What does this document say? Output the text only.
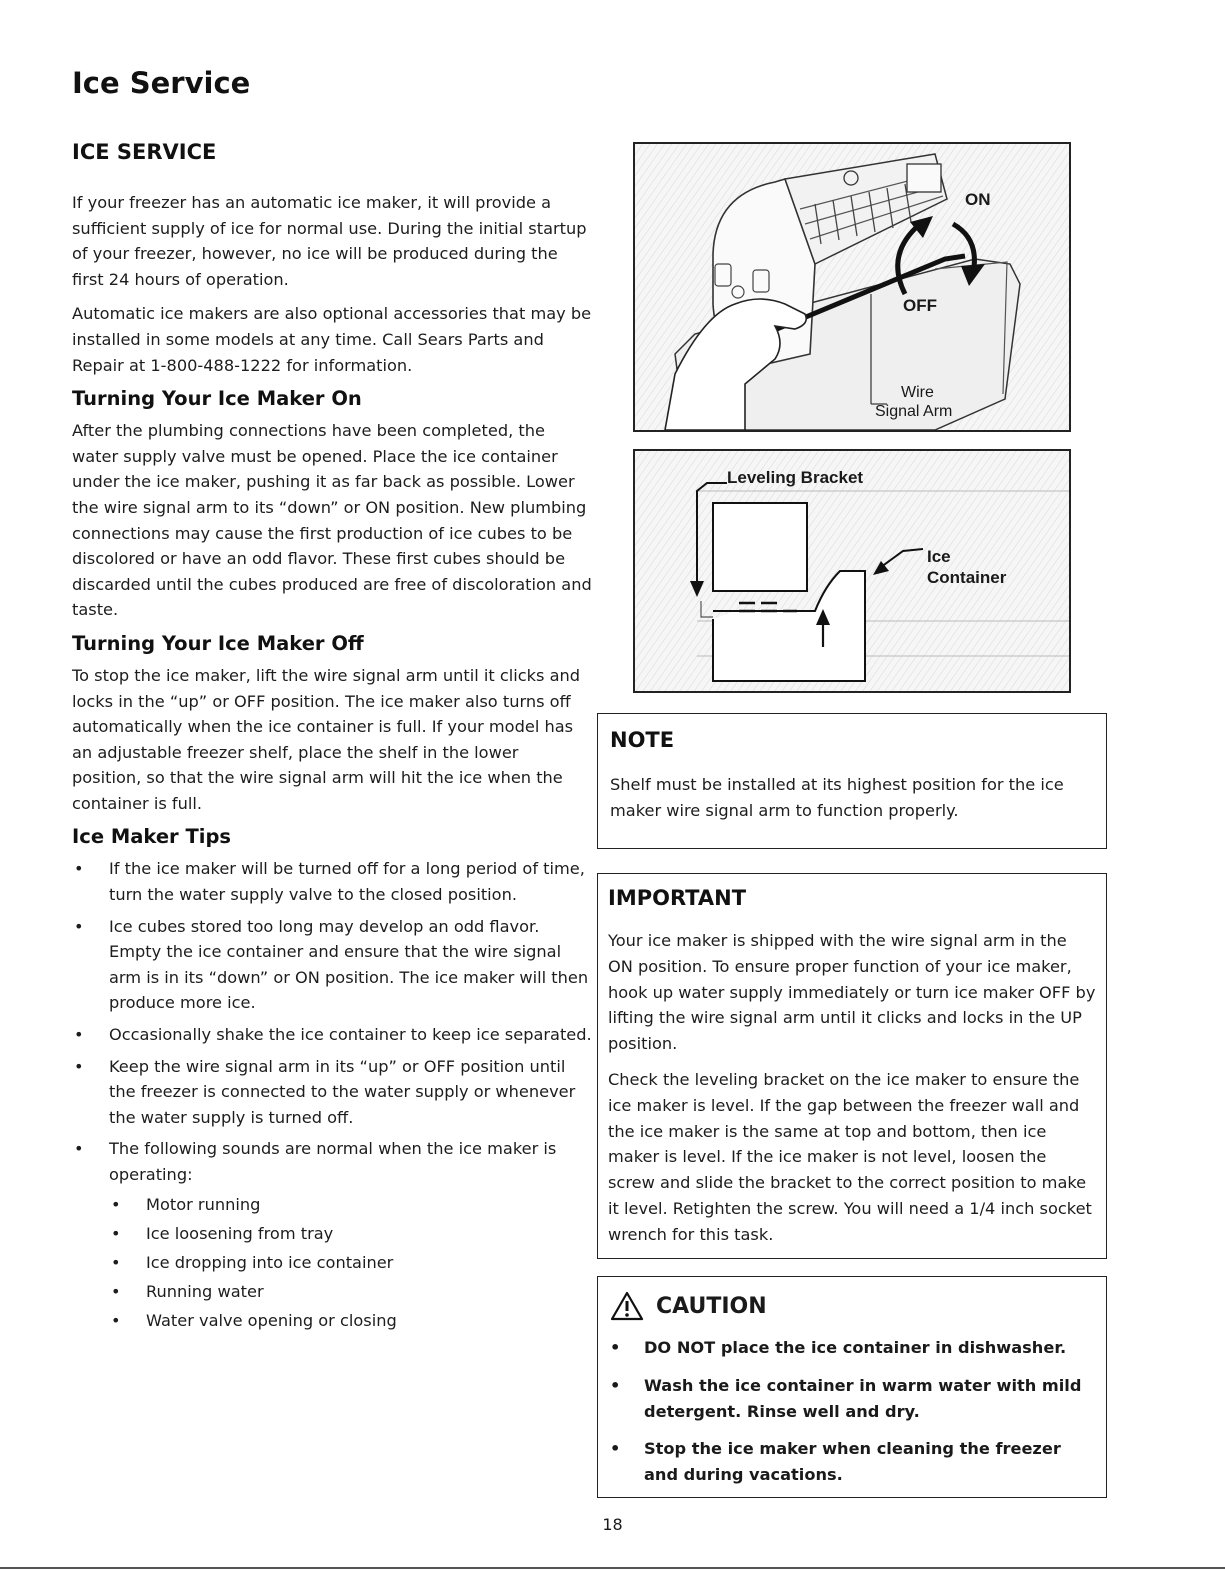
Ice Service
ICE SERVICE

If your freezer has an automatic ice maker, it will provide a sufficient supply of ice for normal use. During the initial startup of your freezer, however, no ice will be produced during the first 24 hours of operation.

Automatic ice makers are also optional accessories that may be installed in some models at any time. Call Sears Parts and Repair at 1-800-488-1222 for information.

Turning Your Ice Maker On

After the plumbing connections have been completed, the water supply valve must be opened. Place the ice container under the ice maker, pushing it as far back as possible. Lower the wire signal arm to its “down” or ON position. New plumbing connections may cause the first production of ice cubes to be discolored or have an odd flavor. These first cubes should be discarded until the cubes produced are free of discoloration and taste.

Turning Your Ice Maker Off

To stop the ice maker, lift the wire signal arm until it clicks and locks in the “up” or OFF position. The ice maker also turns off automatically when the ice container is full. If your model has an adjustable freezer shelf, place the shelf in the lower position, so that the wire signal arm will hit the ice when the container is full.

Ice Maker Tips
• If the ice maker will be turned off for a long period of time, turn the water supply valve to the closed position.
• Ice cubes stored too long may develop an odd flavor. Empty the ice container and ensure that the wire signal arm is in its “down” or ON position. The ice maker will then produce more ice.
• Occasionally shake the ice container to keep ice separated.
• Keep the wire signal arm in its “up” or OFF position until the freezer is connected to the water supply or whenever the water supply is turned off.
• The following sounds are normal when the ice maker is operating:
• Motor running
• Ice loosening from tray
• Ice dropping into ice container
• Running water
• Water valve opening or closing
ON
OFF
Wire
Signal Arm
Leveling Bracket
Ice
Container
NOTE

Shelf must be installed at its highest position for the ice maker wire signal arm to function properly.

IMPORTANT

Your ice maker is shipped with the wire signal arm in the ON position. To ensure proper function of your ice maker, hook up water supply immediately or turn ice maker OFF by lifting the wire signal arm until it clicks and locks in the UP position.

Check the leveling bracket on the ice maker to ensure the ice maker is level. If the gap between the freezer wall and the ice maker is the same at top and bottom, then ice maker is level. If the ice maker is not level, loosen the screw and slide the bracket to the correct position to make it level. Retighten the screw. You will need a 1/4 inch socket wrench for this task.

CAUTION
• DO NOT place the ice container in dishwasher.
• Wash the ice container in warm water with mild detergent. Rinse well and dry.
• Stop the ice maker when cleaning the freezer and during vacations.
18
